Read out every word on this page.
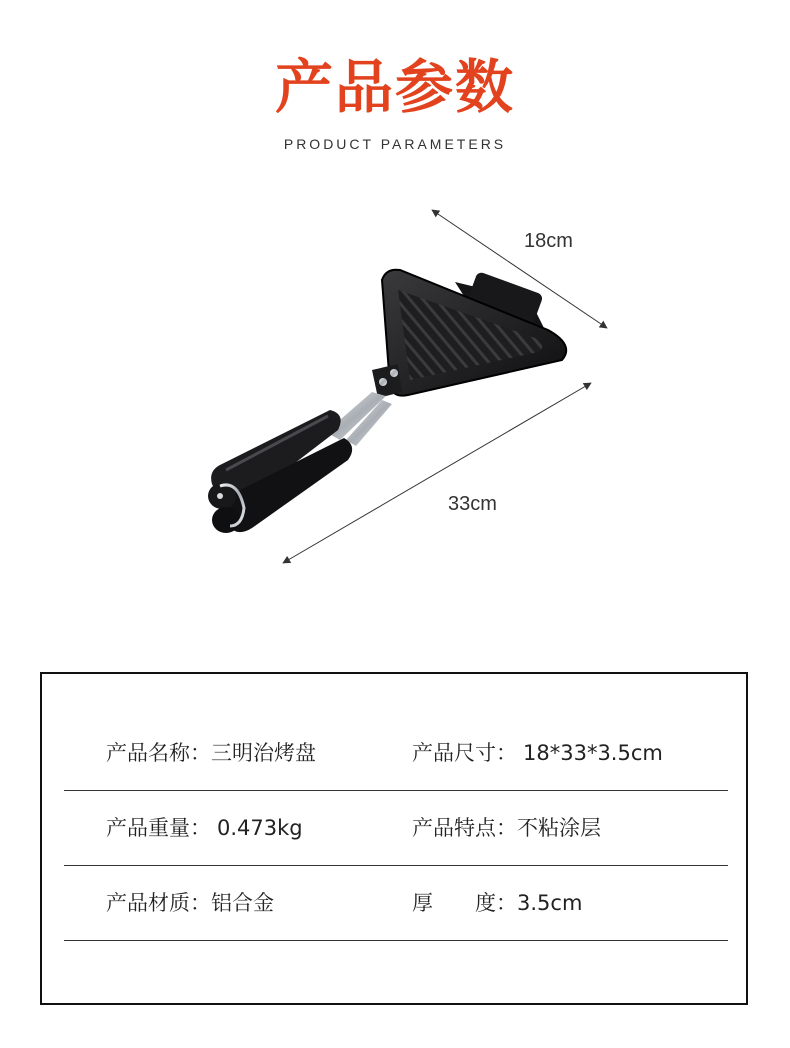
产品参数
PRODUCT PARAMETERS
18cm
33cm
产品名称：三明治烤盘	产品尺寸： 18*33*3.5cm
产品重量： 0.473kg	产品特点：不粘涂层
产品材质：铝合金	厚　　度：3.5cm
